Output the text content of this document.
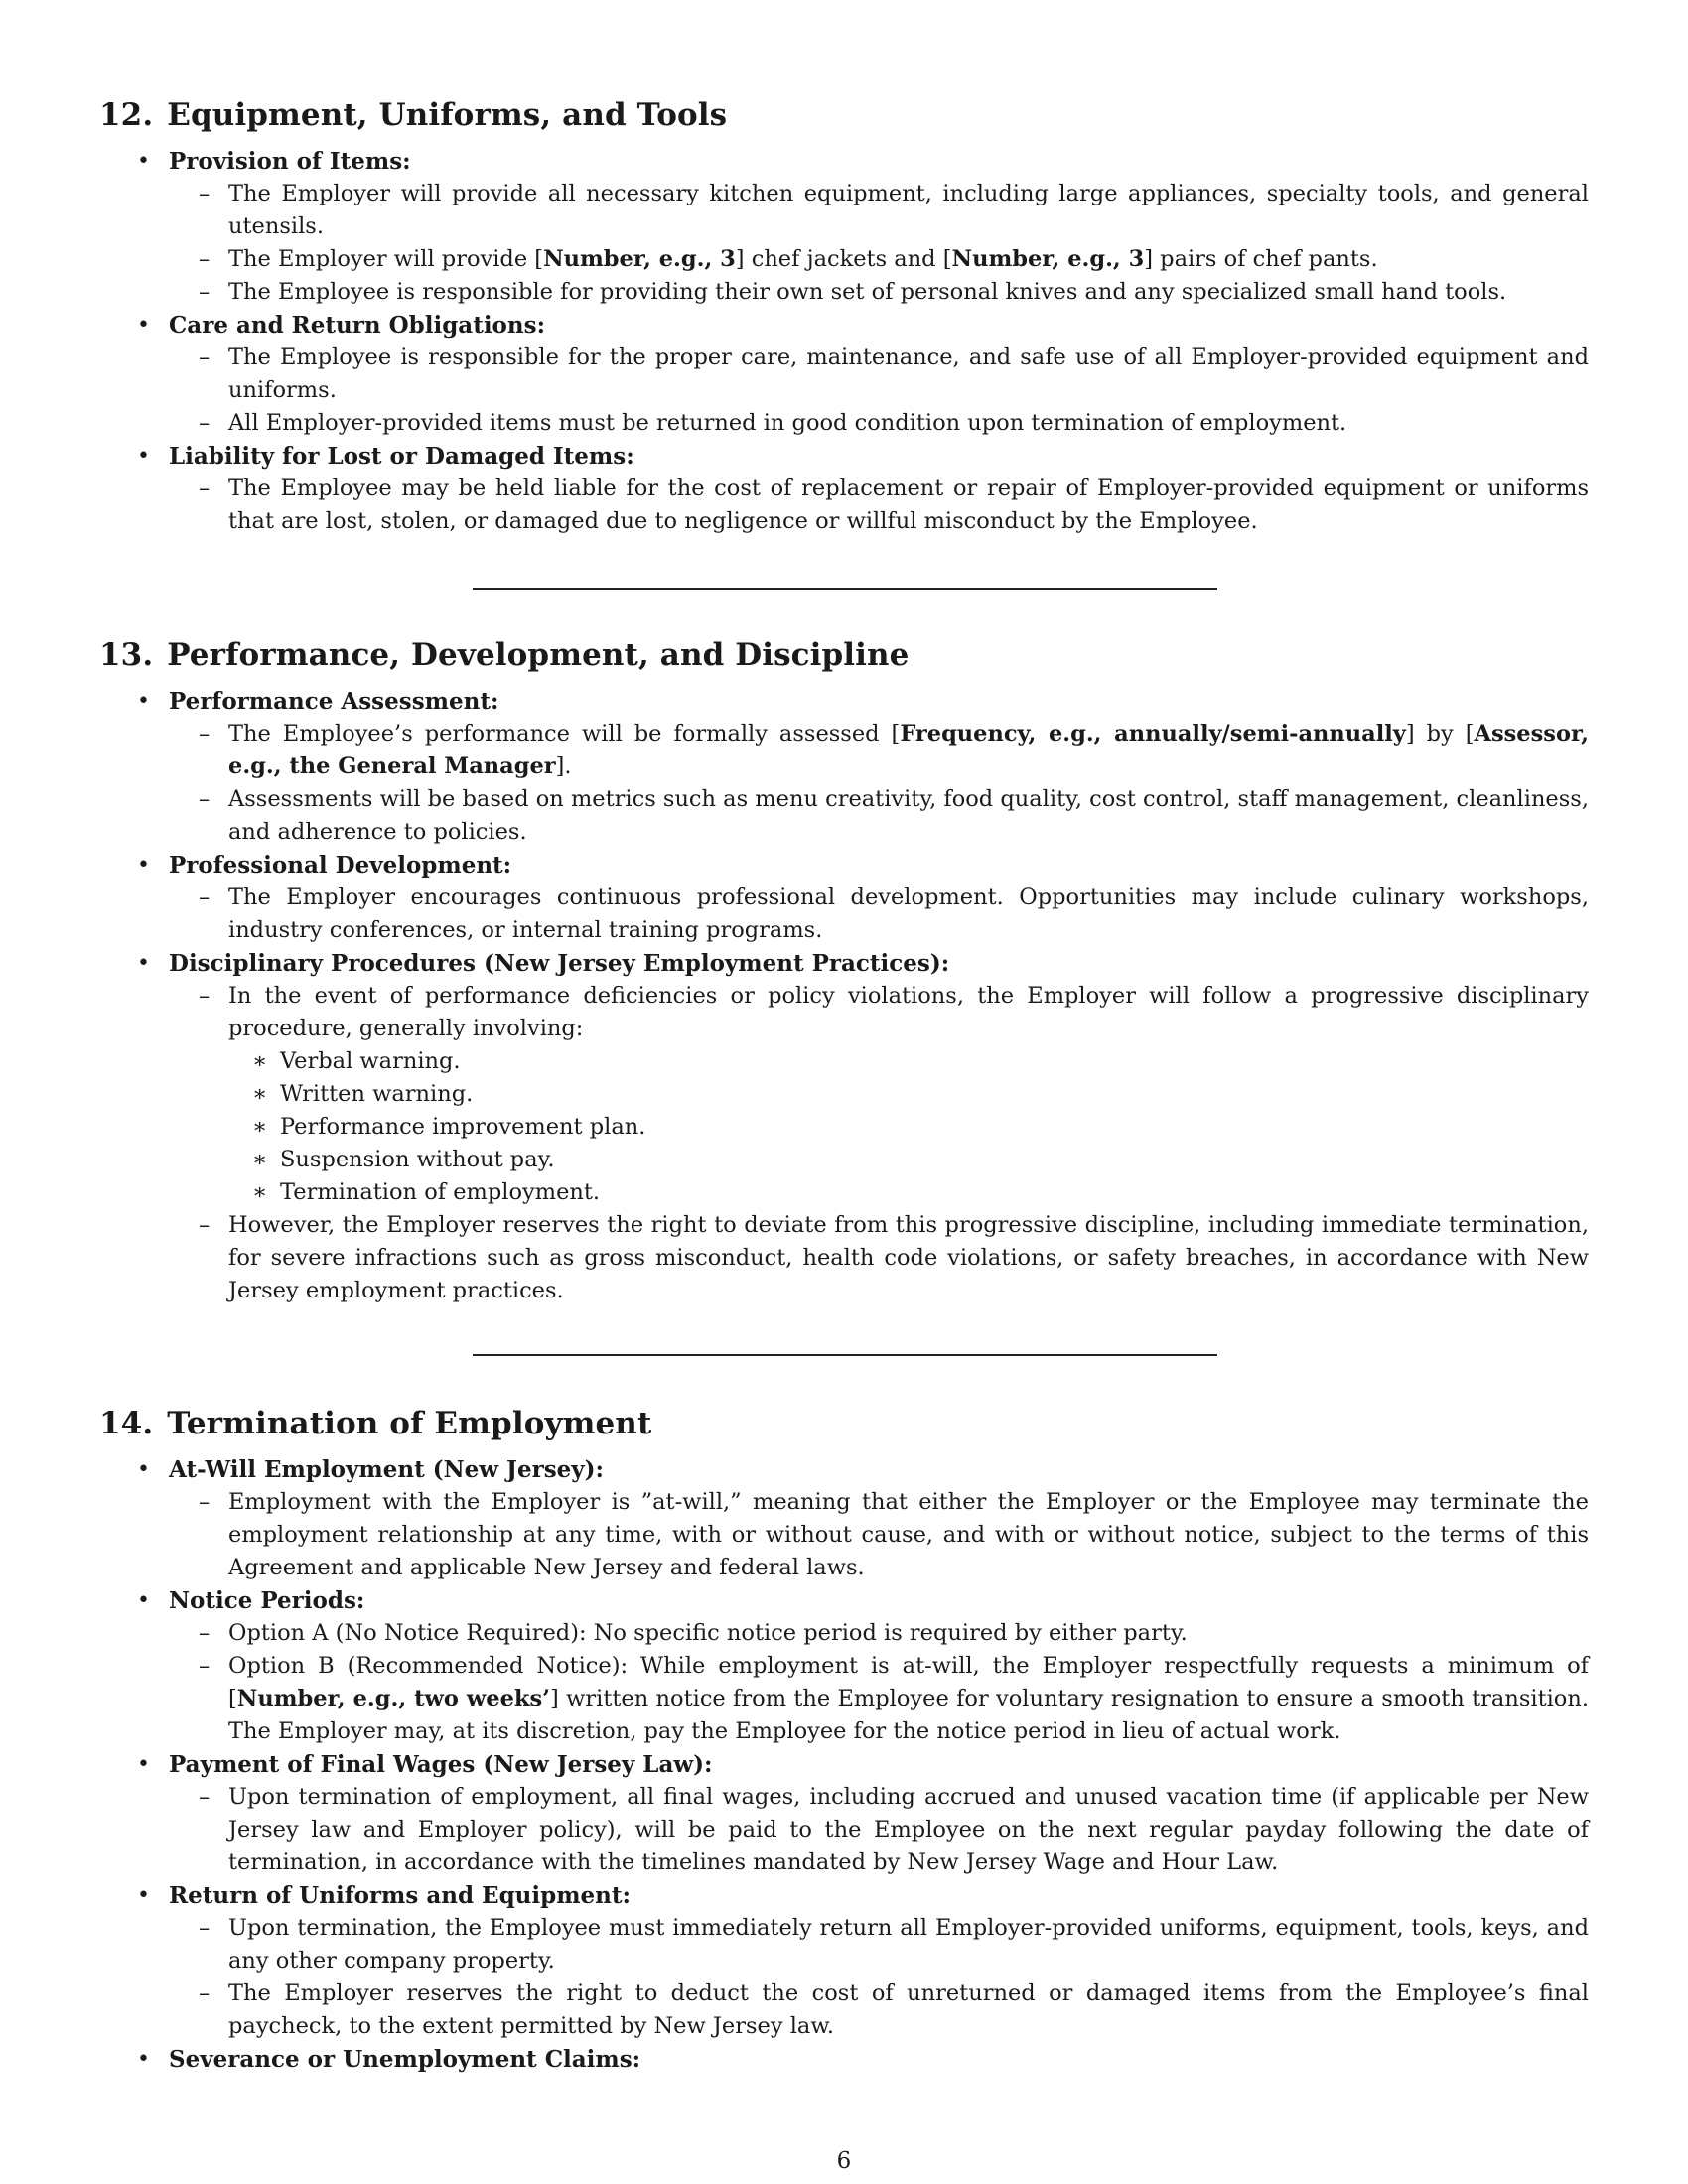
12. Equipment, Uniforms, and Tools
• Provision of Items:
– The Employer will provide all necessary kitchen equipment, including large appliances, specialty tools, and general utensils.
– The Employer will provide [Number, e.g., 3] chef jackets and [Number, e.g., 3] pairs of chef pants.
– The Employee is responsible for providing their own set of personal knives and any specialized small hand tools.
• Care and Return Obligations:
– The Employee is responsible for the proper care, maintenance, and safe use of all Employer-provided equipment and uniforms.
– All Employer-provided items must be returned in good condition upon termination of employment.
• Liability for Lost or Damaged Items:
– The Employee may be held liable for the cost of replacement or repair of Employer-provided equipment or uniforms that are lost, stolen, or damaged due to negligence or willful misconduct by the Employee.
13. Performance, Development, and Discipline
• Performance Assessment:
– The Employee’s performance will be formally assessed [Frequency, e.g., annually/semi-annually] by [Assessor, e.g., the General Manager].
– Assessments will be based on metrics such as menu creativity, food quality, cost control, staff management, cleanliness, and adherence to policies.
• Professional Development:
– The Employer encourages continuous professional development. Opportunities may include culinary workshops, industry conferences, or internal training programs.
• Disciplinary Procedures (New Jersey Employment Practices):
– In the event of performance deficiencies or policy violations, the Employer will follow a progressive disciplinary procedure, generally involving:
∗ Verbal warning.
∗ Written warning.
∗ Performance improvement plan.
∗ Suspension without pay.
∗ Termination of employment.
– However, the Employer reserves the right to deviate from this progressive discipline, including immediate termination, for severe infractions such as gross misconduct, health code violations, or safety breaches, in accordance with New Jersey employment practices.
14. Termination of Employment
• At-Will Employment (New Jersey):
– Employment with the Employer is ”at-will,” meaning that either the Employer or the Employee may terminate the employment relationship at any time, with or without cause, and with or without notice, subject to the terms of this Agreement and applicable New Jersey and federal laws.
• Notice Periods:
– Option A (No Notice Required): No specific notice period is required by either party.
– Option B (Recommended Notice): While employment is at-will, the Employer respectfully requests a minimum of [Number, e.g., two weeks’] written notice from the Employee for voluntary resignation to ensure a smooth transition. The Employer may, at its discretion, pay the Employee for the notice period in lieu of actual work.
• Payment of Final Wages (New Jersey Law):
– Upon termination of employment, all final wages, including accrued and unused vacation time (if applicable per New Jersey law and Employer policy), will be paid to the Employee on the next regular payday following the date of termination, in accordance with the timelines mandated by New Jersey Wage and Hour Law.
• Return of Uniforms and Equipment:
– Upon termination, the Employee must immediately return all Employer-provided uniforms, equipment, tools, keys, and any other company property.
– The Employer reserves the right to deduct the cost of unreturned or damaged items from the Employee’s final paycheck, to the extent permitted by New Jersey law.
• Severance or Unemployment Claims:
6
